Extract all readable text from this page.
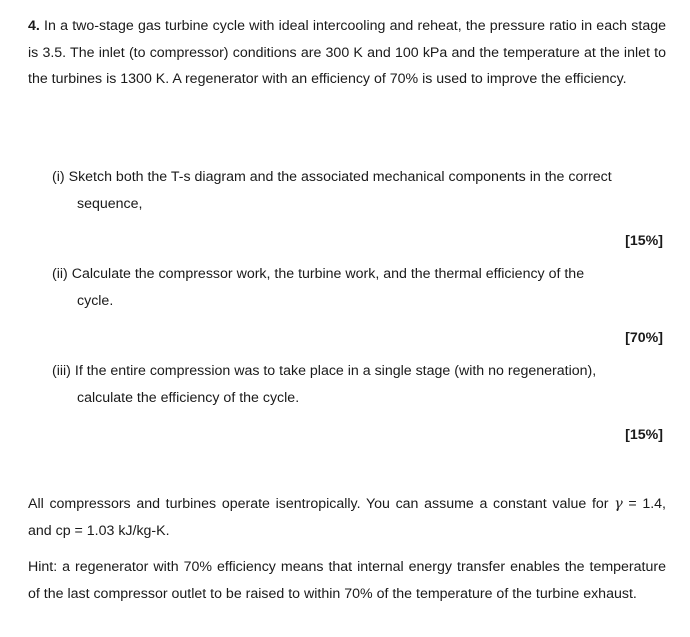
4. In a two-stage gas turbine cycle with ideal intercooling and reheat, the pressure ratio in each stage is 3.5. The inlet (to compressor) conditions are 300 K and 100 kPa and the temperature at the inlet to the turbines is 1300 K. A regenerator with an efficiency of 70% is used to improve the efficiency.

(i) Sketch both the T-s diagram and the associated mechanical components in the correct
sequence,
[15%]
(ii) Calculate the compressor work, the turbine work, and the thermal efficiency of the
cycle.
[70%]
(iii) If the entire compression was to take place in a single stage (with no regeneration),
calculate the efficiency of the cycle.
[15%]

All compressors and turbines operate isentropically. You can assume a constant value for γ = 1.4, and cp = 1.03 kJ/kg-K.

Hint: a regenerator with 70% efficiency means that internal energy transfer enables the temperature of the last compressor outlet to be raised to within 70% of the temperature of the turbine exhaust.
